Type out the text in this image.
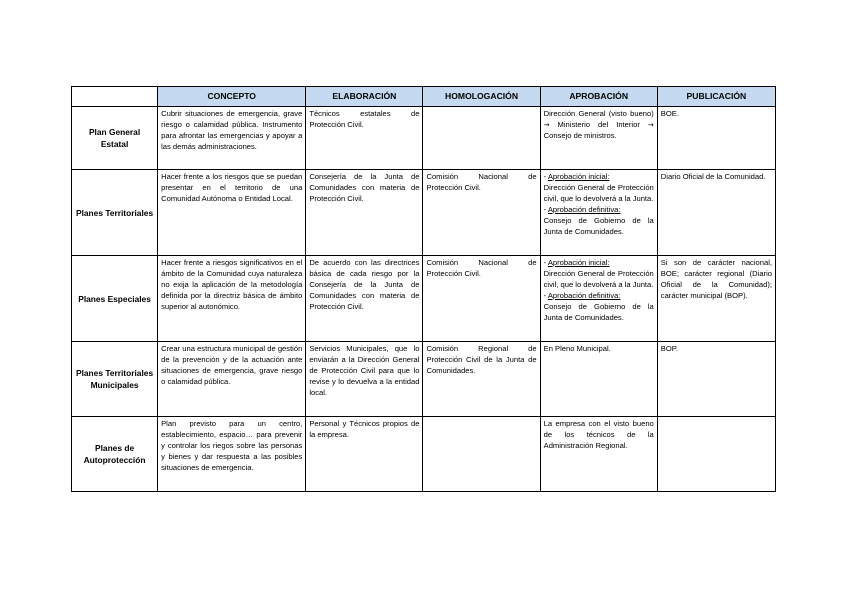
	CONCEPTO	ELABORACIÓN	HOMOLOGACIÓN	APROBACIÓN	PUBLICACIÓN
Plan General Estatal	Cubrir situaciones de emergencia, grave riesgo o calamidad pública. Instrumento para afrontar las emergencias y apoyar a las demás administraciones.	Técnicos estatales de Protección Civil.		Dirección General (visto bueno) → Ministerio del Interior → Consejo de ministros.	BOE.
Planes Territoriales	Hacer frente a los riesgos que se puedan presentar en el territorio de una Comunidad Autónoma o Entidad Local.	Consejería de la Junta de Comunidades con materia de Protección Civil.	Comisión Nacional de Protección Civil.	- Aprobación inicial:
Dirección General de Protección civil, que lo devolverá a la Junta.
- Aprobación definitiva:
Consejo de Gobierno de la Junta de Comunidades.	Diario Oficial de la Comunidad.
Planes Especiales	Hacer frente a riesgos significativos en el ámbito de la Comunidad cuya naturaleza no exija la aplicación de la metodología definida por la directriz básica de ámbito superior al autonómico.	De acuerdo con las directrices básica de cada riesgo por la Consejería de la Junta de Comunidades con materia de Protección Civil.	Comisión Nacional de Protección Civil.	- Aprobación inicial:
Dirección General de Protección civil, que lo devolverá a la Junta.
- Aprobación definitiva:
Consejo de Gobierno de la Junta de Comunidades.	Si son de carácter nacional, BOE; carácter regional (Diario Oficial de la Comunidad); carácter municipal (BOP).
Planes Territoriales Municipales	Crear una estructura municipal de gestión de la prevención y de la actuación ante situaciones de emergencia, grave riesgo o calamidad pública.	Servicios Municipales, que lo enviarán a la Dirección General de Protección Civil para que lo revise y lo devuelva a la entidad local.	Comisión Regional de Protección Civil de la Junta de Comunidades.	En Pleno Municipal.	BOP.
Planes de Autoprotección	Plan previsto para un centro, establecimiento, espacio… para prevenir y controlar los riegos sobre las personas y bienes y dar respuesta a las posibles situaciones de emergencia.	Personal y Técnicos propios de la empresa.		La empresa con el visto bueno de los técnicos de la Administración Regional.	
